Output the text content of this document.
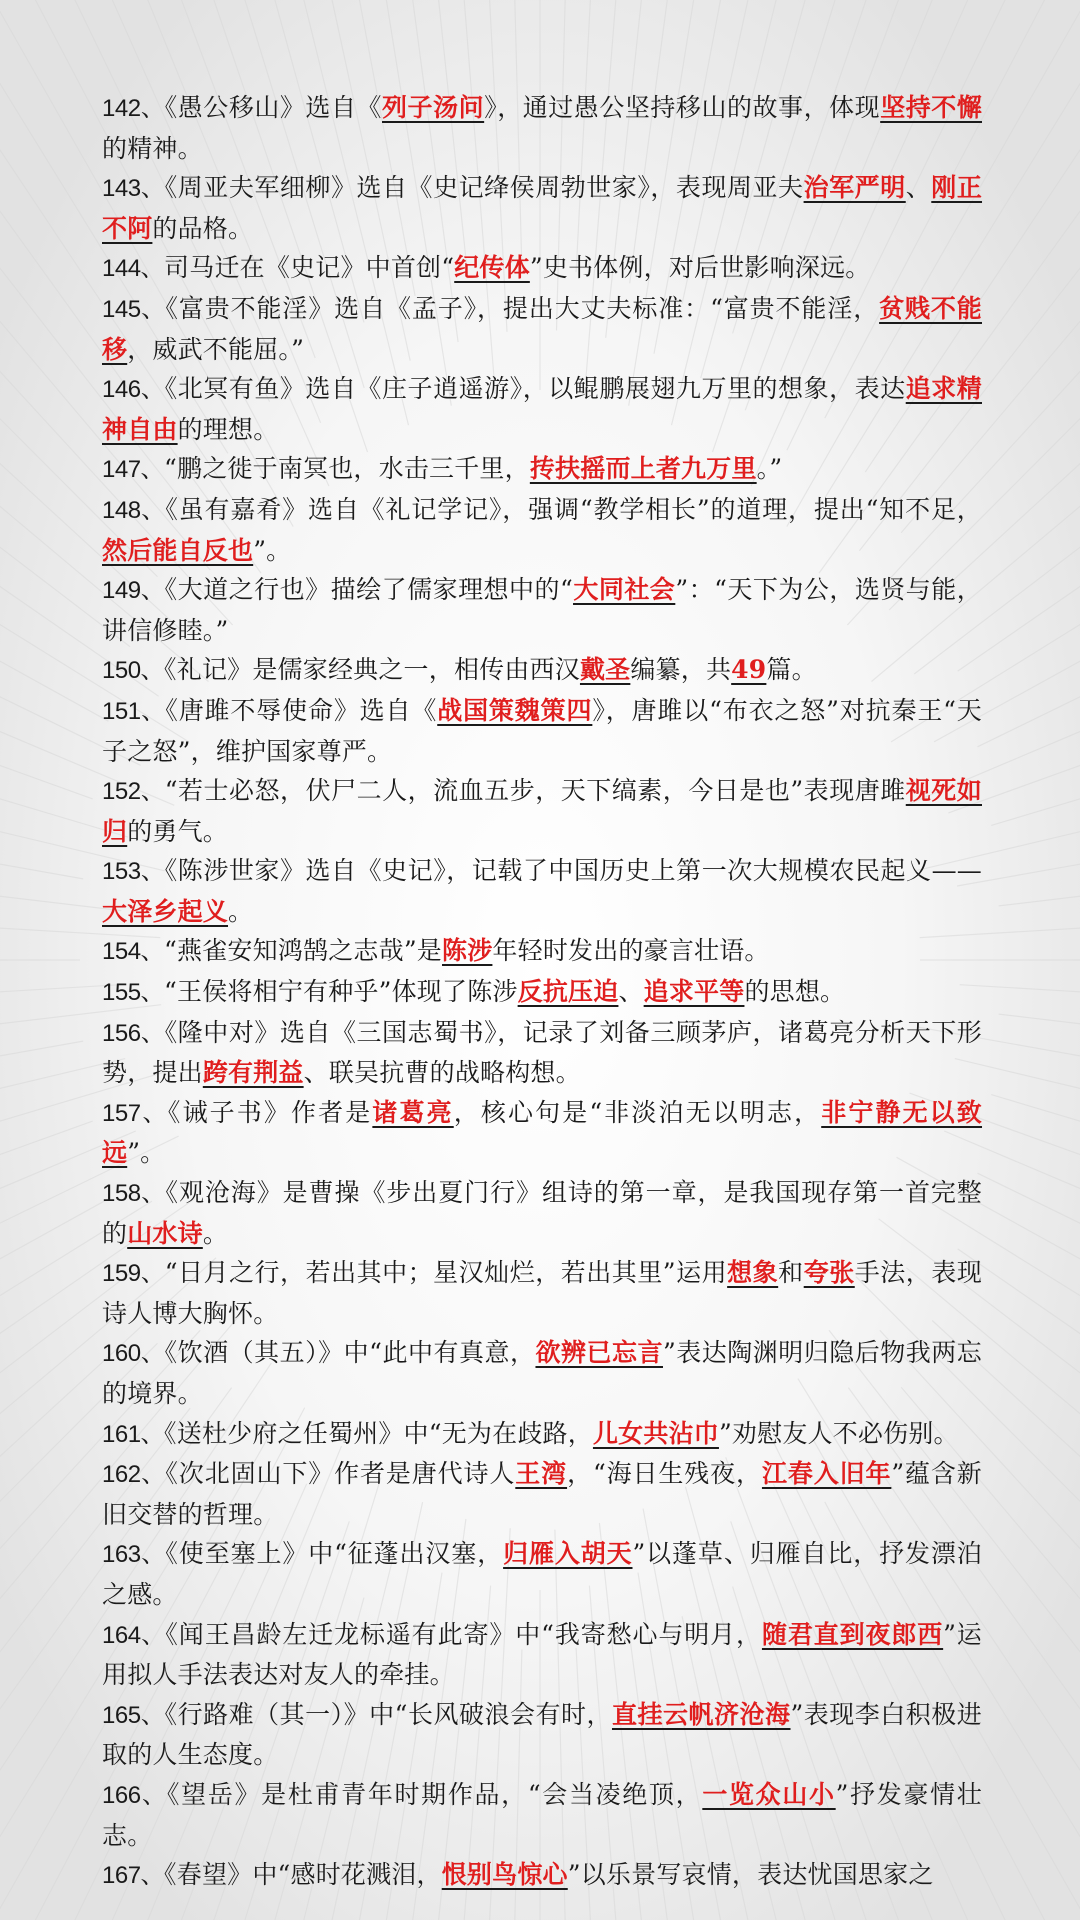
142、《愚公移山》选自《列子汤问》，通过愚公坚持移山的故事，体现坚持不懈的精神。
143、《周亚夫军细柳》选自《史记绛侯周勃世家》，表现周亚夫治军严明、刚正不阿的品格。
144、司马迁在《史记》中首创“纪传体”史书体例，对后世影响深远。
145、《富贵不能淫》选自《孟子》，提出大丈夫标准：“富贵不能淫，贫贱不能移，威武不能屈。”
146、《北冥有鱼》选自《庄子逍遥游》，以鲲鹏展翅九万里的想象，表达追求精神自由的理想。
147、“鹏之徙于南冥也，水击三千里，抟扶摇而上者九万里。”
148、《虽有嘉肴》选自《礼记学记》，强调“教学相长”的道理，提出“知不足，然后能自反也”。
149、《大道之行也》描绘了儒家理想中的“大同社会”：“天下为公，选贤与能，讲信修睦。”
150、《礼记》是儒家经典之一，相传由西汉戴圣编纂，共49篇。
151、《唐雎不辱使命》选自《战国策魏策四》，唐雎以“布衣之怒”对抗秦王“天子之怒”，维护国家尊严。
152、“若士必怒，伏尸二人，流血五步，天下缟素，今日是也”表现唐雎视死如归的勇气。
153、《陈涉世家》选自《史记》，记载了中国历史上第一次大规模农民起义——大泽乡起义。
154、“燕雀安知鸿鹄之志哉”是陈涉年轻时发出的豪言壮语。
155、“王侯将相宁有种乎”体现了陈涉反抗压迫、追求平等的思想。
156、《隆中对》选自《三国志蜀书》，记录了刘备三顾茅庐，诸葛亮分析天下形势，提出跨有荆益、联吴抗曹的战略构想。
157、《诫子书》作者是诸葛亮，核心句是“非淡泊无以明志，非宁静无以致远”。
158、《观沧海》是曹操《步出夏门行》组诗的第一章，是我国现存第一首完整的山水诗。
159、“日月之行，若出其中；星汉灿烂，若出其里”运用想象和夸张手法，表现诗人博大胸怀。
160、《饮酒（其五）》中“此中有真意，欲辨已忘言”表达陶渊明归隐后物我两忘的境界。
161、《送杜少府之任蜀州》中“无为在歧路，儿女共沾巾”劝慰友人不必伤别。
162、《次北固山下》作者是唐代诗人王湾，“海日生残夜，江春入旧年”蕴含新旧交替的哲理。
163、《使至塞上》中“征蓬出汉塞，归雁入胡天”以蓬草、归雁自比，抒发漂泊之感。
164、《闻王昌龄左迁龙标遥有此寄》中“我寄愁心与明月，随君直到夜郎西”运用拟人手法表达对友人的牵挂。
165、《行路难（其一）》中“长风破浪会有时，直挂云帆济沧海”表现李白积极进取的人生态度。
166、《望岳》是杜甫青年时期作品，“会当凌绝顶，一览众山小”抒发豪情壮志。
167、《春望》中“感时花溅泪，恨别鸟惊心”以乐景写哀情，表达忧国思家之
